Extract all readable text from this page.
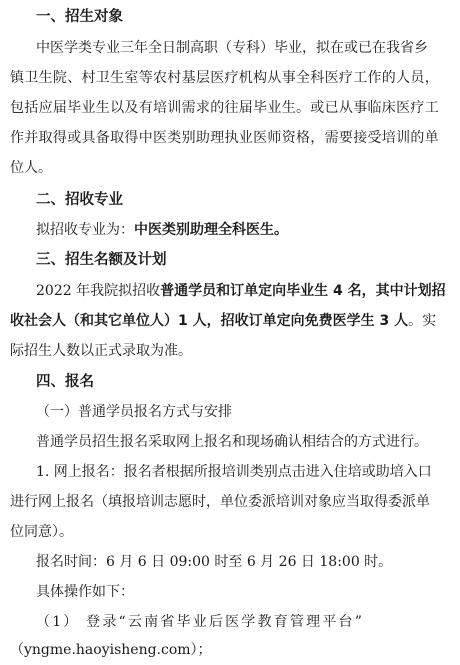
一、招生对象
中医学类专业三年全日制高职（专科）毕业，拟在或已在我省乡
镇卫生院、村卫生室等农村基层医疗机构从事全科医疗工作的人员，
包括应届毕业生以及有培训需求的往届毕业生。或已从事临床医疗工
作并取得或具备取得中医类别助理执业医师资格，需要接受培训的单
位人。
二、招收专业
拟招收专业为：中医类别助理全科医生。
三、招生名额及计划
2022 年我院拟招收普通学员和订单定向毕业生 4 名，其中计划招
收社会人（和其它单位人）1 人，招收订单定向免费医学生 3 人。实
际招生人数以正式录取为准。
四、报名
（一）普通学员报名方式与安排
普通学员招生报名采取网上报名和现场确认相结合的方式进行。
1. 网上报名：报名者根据所报培训类别点击进入住培或助培入口
进行网上报名（填报培训志愿时，单位委派培训对象应当取得委派单
位同意）。
报名时间：6 月 6 日 09:00 时至 6 月 26 日 18:00 时。
具体操作如下：
（1） 登录“云南省毕业后医学教育管理平台”
（yngme.haoyisheng.com）；
